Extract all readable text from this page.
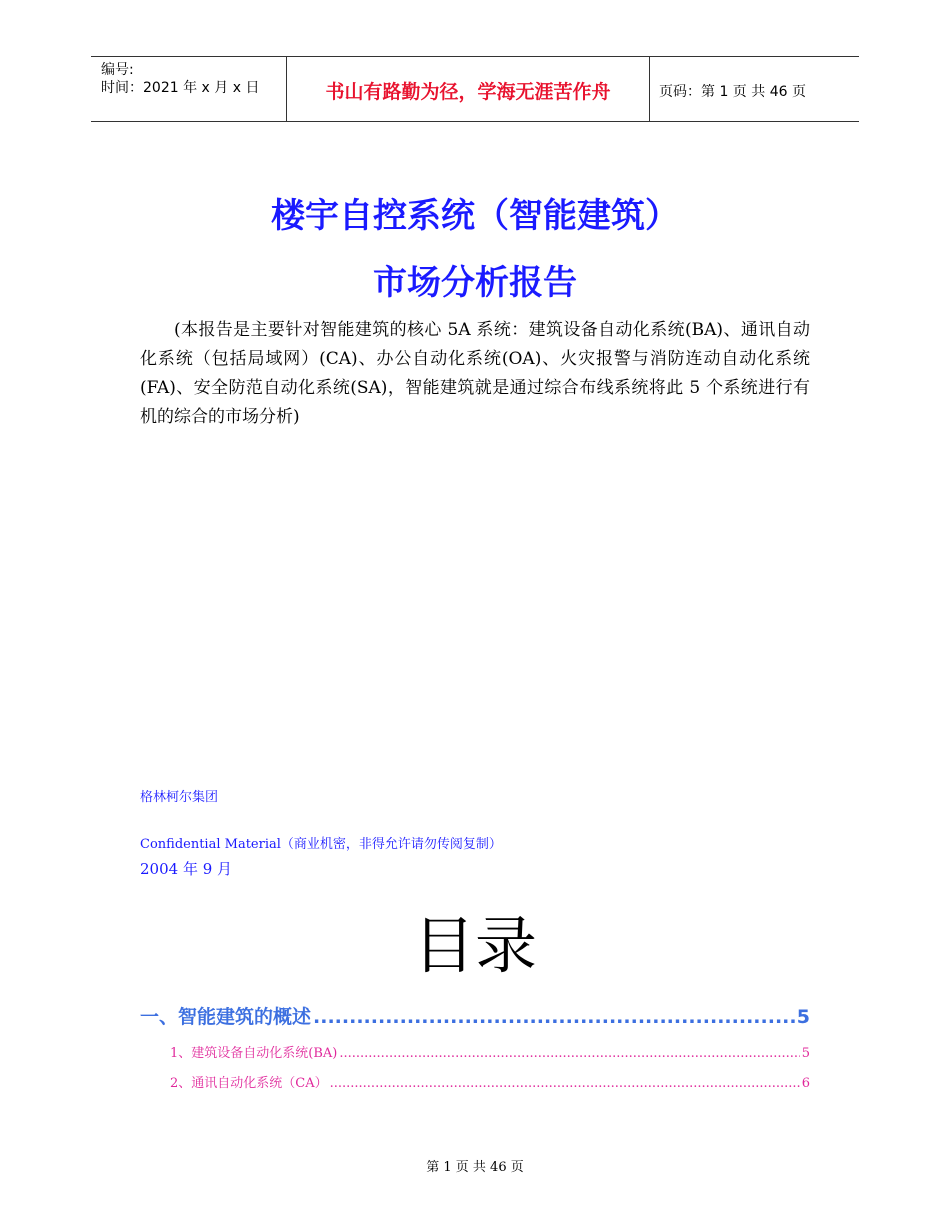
编号:
时间：2021 年 x 月 x 日	书山有路勤为径，学海无涯苦作舟	页码：第 1 页 共 46 页
楼宇自控系统（智能建筑）
市场分析报告
(本报告是主要针对智能建筑的核心 5A 系统：建筑设备自动化系统(BA)、通讯自动化系统（包括局域网）(CA)、办公自动化系统(OA)、火灾报警与消防连动自动化系统(FA)、安全防范自动化系统(SA)，智能建筑就是通过综合布线系统将此 5 个系统进行有机的综合的市场分析)
格林柯尔集团
Confidential Material（商业机密，非得允许请勿传阅复制）
2004 年 9 月
目录
一、智能建筑的概述 .....	5
1、建筑设备自动化系统(BA) .....	5
2、通讯自动化系统（CA） .....	6
第 1 页 共 46 页
